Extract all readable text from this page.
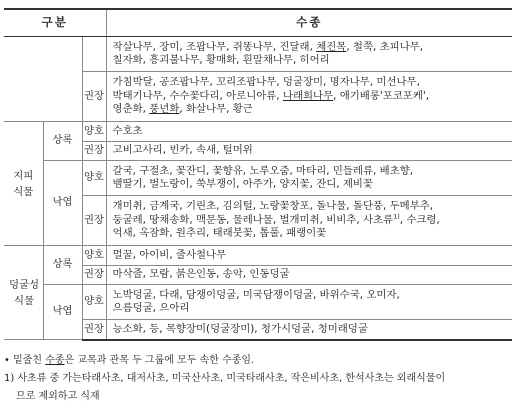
구분			수종

			작살나무, 장미, 조팝나무, 쥐똥나무, 진달래, 체진목, 철쭉, 초피나무,
칠자화, 흥괴불나무, 황매화, 흰말채나무, 히어리

		권장	가침박달, 공조팝나무, 꼬리조팝나무, 덩굴장미, 명자나무, 미선나무,
박태기나무, 수수꽃다리, 아로니아류, 나래회나무, 애기배롱'포코포케',
영춘화, 풍년화, 화살나무, 황근

지피식물	상록	양호	수호초
		권장	고비고사리, 빈카, 속새, 털머위
	낙엽	양호	갈국, 구절초, 꽃잔디, 꽃향유, 노루오줌, 마타리, 민들레류, 배초향,
뱀딸기, 벌노랑이, 쑥부쟁이, 아주가, 양지꽃, 잔디, 제비꽃

		권장	개미취, 금계국, 기린초, 김의털, 노랑꽃창포, 돌나물, 돌단풍, 두메부추,
둥굴레, 땅채송화, 맥문동, 물레나물, 벌개미취, 비비추, 사초류$^{1)}$, 수크령,
억새, 옥잠화, 원추리, 태래붓꽃, 톱풀, 패랭이꽃

덩굴성식물	상록	양호	멀꿀, 아이비, 줄사철나무
		권장	마삭줄, 모람, 붉은인동, 송악, 인동덩굴
	낙엽	양호	노박덩굴, 다래, 담쟁이덩굴, 미국담쟁이덩굴, 바위수국, 오미자,
으름덩굴, 으아리

		권장	능소화, 등, 목향장미(덩굴장미), 청가시덩굴, 청미래덩굴
• 밑줄친 수종은 교목과 관목 두 그룹에 모두 속한 수종임.
1) 사초류 중 가는타래사초, 대저사초, 미국산사초, 미국타래사초, 작은비사초, 한석사초는 외래식물이
므로 제외하고 식재
